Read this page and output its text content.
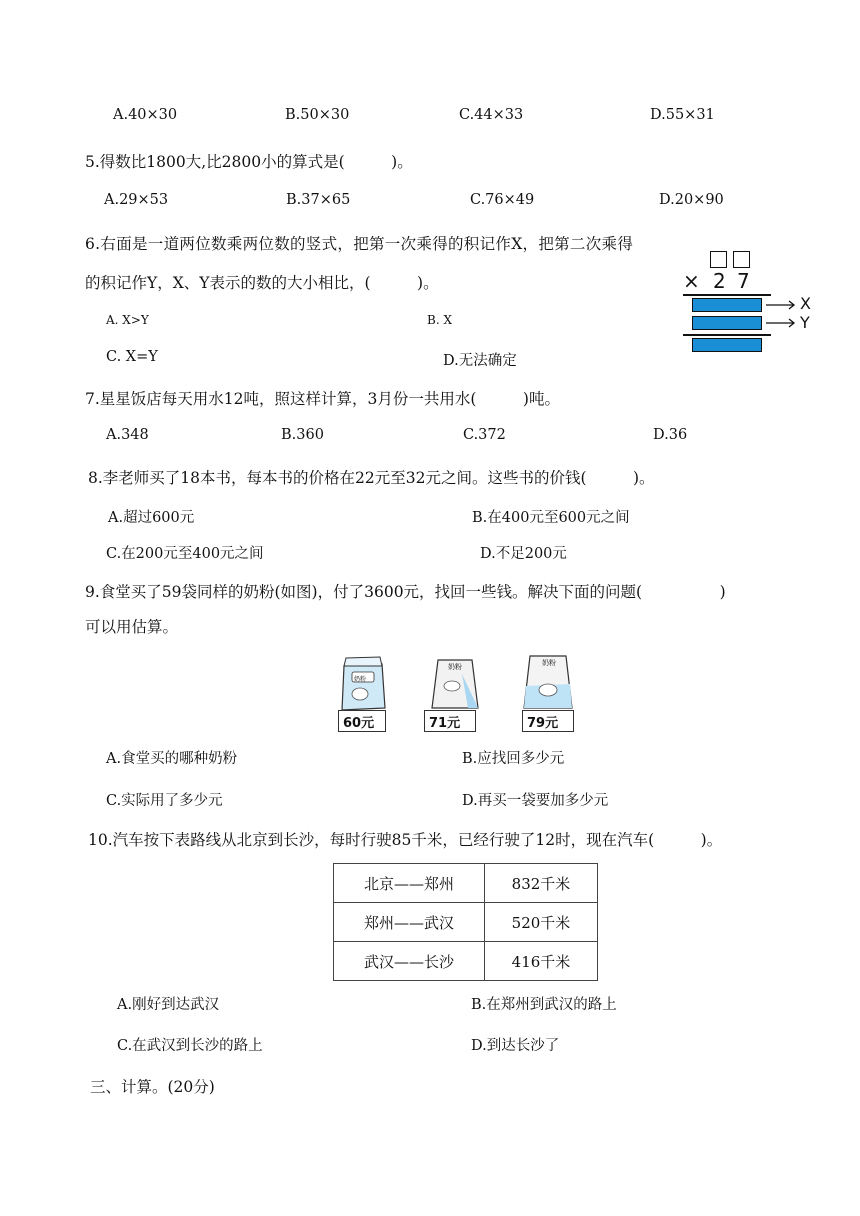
A.40×30	B.50×30	C.44×33	D.55×31
5.得数比1800大,比2800小的算式是(　　　)。
A.29×53	B.37×65	C.76×49	D.20×90
6.右面是一道两位数乘两位数的竖式，把第一次乘得的积记作X，把第二次乘得
的积记作Y，X、Y表示的数的大小相比，(　　　)。
A. X>Y	B. X
C. X=Y	D.无法确定
× 2 7
X
Y
7.星星饭店每天用水12吨，照这样计算，3月份一共用水(　　　)吨。
A.348	B.360	C.372	D.36
8.李老师买了18本书，每本书的价格在22元至32元之间。这些书的价钱(　　　)。
A.超过600元	B.在400元至600元之间
C.在200元至400元之间	D.不足200元
9.食堂买了59袋同样的奶粉(如图)，付了3600元，找回一些钱。解决下面的问题(　　　　　)
可以用估算。
奶粉
60元
奶粉
71元
奶粉
79元
A.食堂买的哪种奶粉	B.应找回多少元
C.实际用了多少元	D.再买一袋要加多少元
10.汽车按下表路线从北京到长沙，每时行驶85千米，已经行驶了12时，现在汽车(　　　)。
北京——郑州	832千米
郑州——武汉	520千米
武汉——长沙	416千米
A.刚好到达武汉	B.在郑州到武汉的路上
C.在武汉到长沙的路上	D.到达长沙了
三、计算。(20分)
